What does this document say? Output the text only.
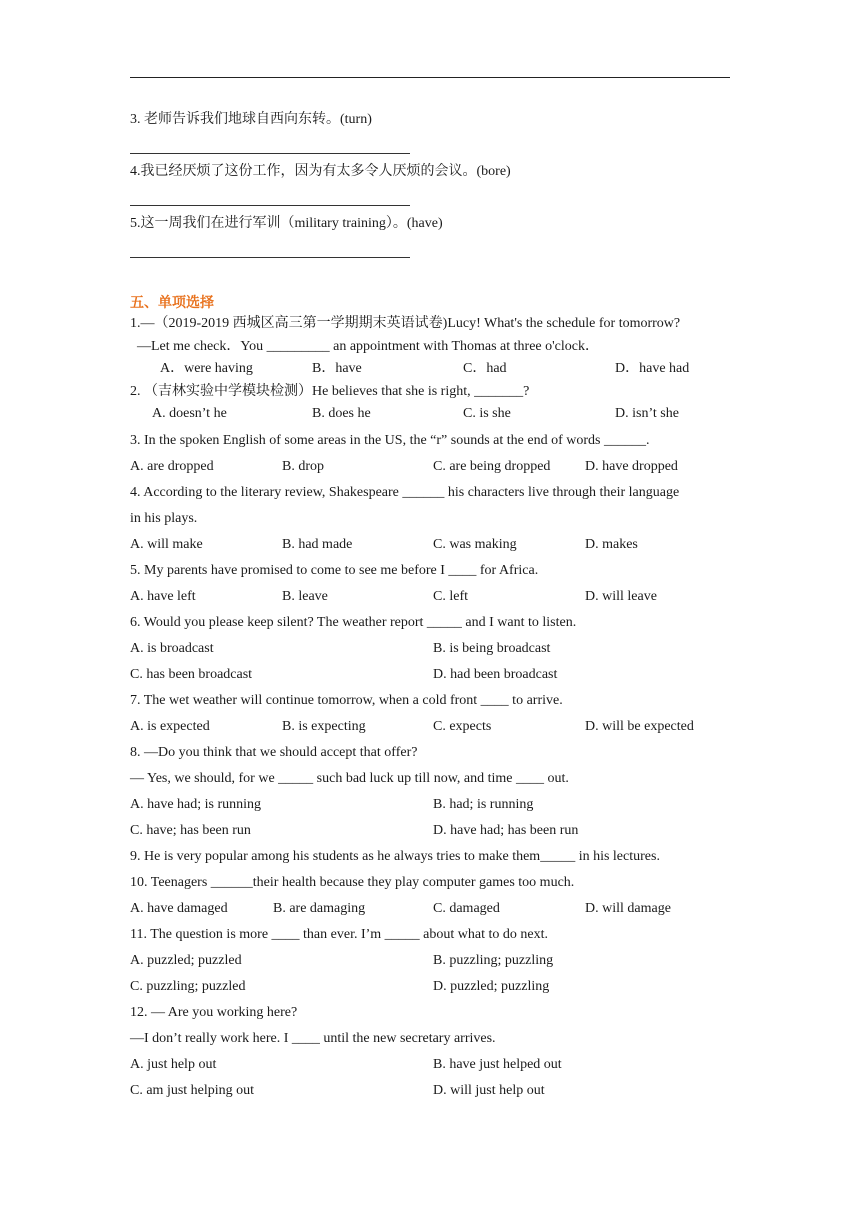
3. 老师告诉我们地球自西向东转。(turn)
4.我已经厌烦了这份工作，因为有太多令人厌烦的会议。(bore)
5.这一周我们在进行军训（military training）。(have)
五、单项选择
1.—（2019-2019 西城区高三第一学期期末英语试卷)Lucy! What's the schedule for tomorrow?
—Let me check．You _________ an appointment with Thomas at three o'clock．
A．were having	B．have	C．had	D．have had
2. （吉林实验中学模块检测）He believes that she is right, _______?
A. doesn’t he	B. does he	C. is she	D. isn’t she
3. In the spoken English of some areas in the US, the “r” sounds at the end of words ______.
A. are dropped	B. drop	C. are being dropped D. have dropped
4. According to the literary review, Shakespeare ______ his characters live through their language
in his plays.
A. will make	B. had made	C. was making	D. makes
5. My parents have promised to come to see me before I ____ for Africa.
A. have left	B. leave	C. left	D. will leave
6. Would you please keep silent? The weather report _____ and I want to listen.
A. is broadcast	B. is being broadcast
C. has been broadcast	D. had been broadcast
7. The wet weather will continue tomorrow, when a cold front ____ to arrive.
A. is expected	B. is expecting	C. expects	D. will be expected
8. —Do you think that we should accept that offer?
— Yes, we should, for we _____ such bad luck up till now, and time ____ out.
A. have had; is running	B. had; is running
C. have; has been run	D. have had; has been run
9. He is very popular among his students as he always tries to make them_____ in his lectures.
10. Teenagers ______their health because they play computer games too much.
A. have damaged	B. are damaging	C. damaged	D. will damage
11. The question is more ____ than ever. I’m _____ about what to do next.
A. puzzled; puzzled	B. puzzling; puzzling
C. puzzling; puzzled	D. puzzled; puzzling
12. — Are you working here?
—I don’t really work here. I ____ until the new secretary arrives.
A. just help out	B. have just helped out
C. am just helping out	D. will just help out
